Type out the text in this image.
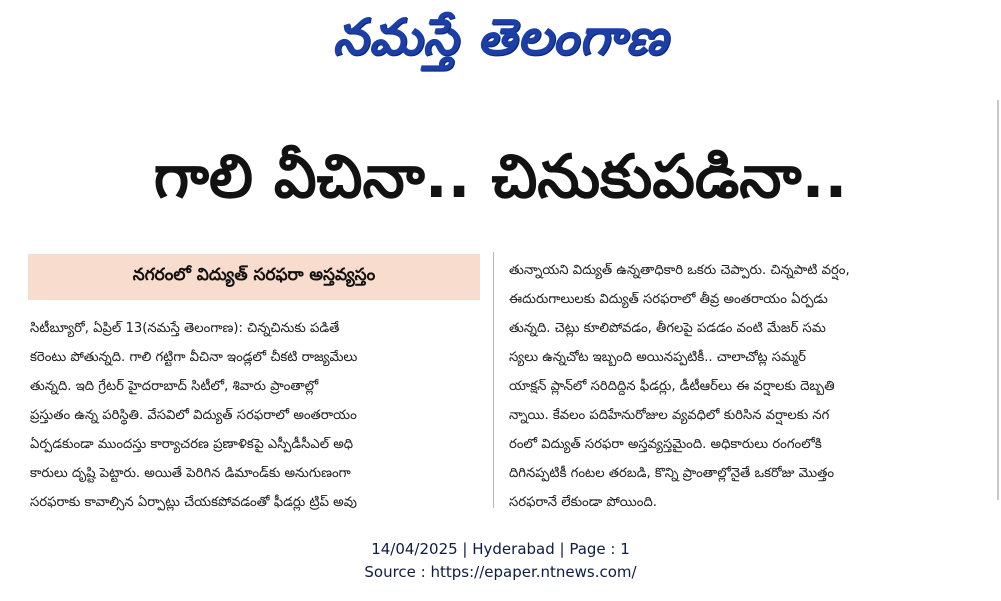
నమస్తే తెలంగాణ
గాలి వీచినా.. చినుకుపడినా..
నగరంలో విద్యుత్ సరఫరా అస్తవ్యస్తం
సిటీబ్యూరో, ఏప్రిల్ 13(నమస్తే తెలంగాణ): చిన్నచినుకు పడితే
కరెంటు పోతున్నది. గాలి గట్టిగా వీచినా ఇండ్లలో చీకటి రాజ్యమేలు
తున్నది. ఇది గ్రేటర్ హైదరాబాద్ సిటీలో, శివారు ప్రాంతాల్లో
ప్రస్తుతం ఉన్న పరిస్థితి. వేసవిలో విద్యుత్ సరఫరాలో అంతరాయం
ఏర్పడకుండా ముందస్తు కార్యాచరణ ప్రణాళికపై ఎస్పీడీసీఎల్ అధి
కారులు దృష్టి పెట్టారు. అయితే పెరిగిన డిమాండ్‌కు అనుగుణంగా
సరఫరాకు కావాల్సిన ఏర్పాట్లు చేయకపోవడంతో ఫీడర్లు ట్రిప్ అవు
తున్నాయని విద్యుత్ ఉన్నతాధికారి ఒకరు చెప్పారు. చిన్నపాటి వర్షం,
ఈదురుగాలులకు విద్యుత్ సరఫరాలో తీవ్ర అంతరాయం ఏర్పడు
తున్నది. చెట్లు కూలిపోవడం, తీగలపై పడడం వంటి మేజర్ సమ
స్యలు ఉన్నచోట ఇబ్బంది అయినప్పటికీ.. చాలాచోట్ల సమ్మర్
యాక్షన్ ప్లాన్‌లో సరిదిద్దిన ఫీడర్లు, డీటీఆర్‌లు ఈ వర్షాలకు దెబ్బతి
న్నాయి. కేవలం పదిహేనురోజుల వ్యవధిలో కురిసిన వర్షాలకు నగ
రంలో విద్యుత్ సరఫరా అస్తవ్యస్తమైంది. అధికారులు రంగంలోకి
దిగినప్పటికీ గంటల తరబడి, కొన్ని ప్రాంతాల్లోనైతే ఒకరోజు మొత్తం
సరఫరానే లేకుండా పోయింది.
14/04/2025 | Hyderabad | Page : 1
Source : https://epaper.ntnews.com/
